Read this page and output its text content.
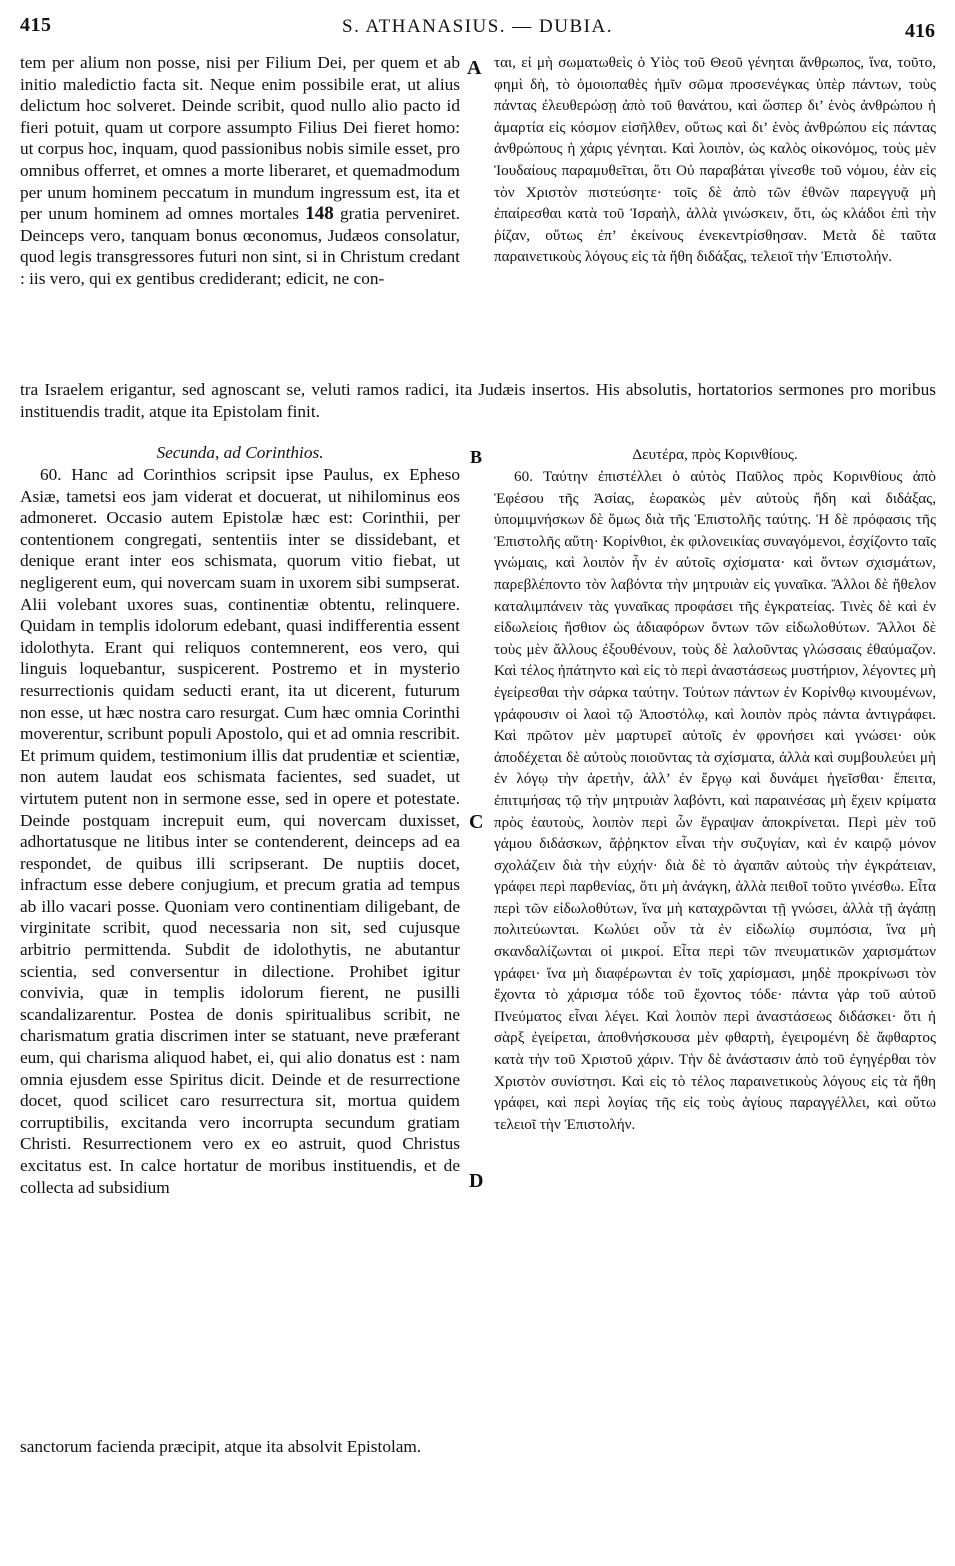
415	S. ATHANASIUS. — DUBIA.	416

tem per alium non posse, nisi per Filium Dei, per quem et ab initio maledictio facta sit. Neque enim possibile erat, ut alius delictum hoc solveret. Deinde scribit, quod nullo alio pacto id fieri potuit, quam ut corpore assumpto Filius Dei fieret homo: ut corpus hoc, inquam, quod passionibus nobis simile esset, pro omnibus offerret, et omnes a morte liberaret, et quemadmodum per unum hominem peccatum in mundum ingressum est, ita et per unum hominem ad omnes mortales 148 gratia perveniret. Deinceps vero, tanquam bonus œconomus, Judæos consolatur, quod legis transgressores futuri non sint, si in Christum credant : iis vero, qui ex gentibus crediderant; edicit, ne con-

A ται, εἰ μὴ σωματωθεὶς ὁ Υἱὸς τοῦ Θεοῦ γένηται ἄνθρωπος, ἵνα, τοῦτο, φημὶ δὴ, τὸ ὁμοιοπαθὲς ἡμῖν σῶμα προσενέγκας ὑπὲρ πάντων, τοὺς πάντας ἐλευθερώσῃ ἀπὸ τοῦ θανάτου, καὶ ὥσπερ δι’ ἑνὸς ἀνθρώπου ἡ ἁμαρτία εἰς κόσμον εἰσῆλθεν, οὕτως καὶ δι’ ἑνὸς ἀνθρώπου εἰς πάντας ἀνθρώπους ἡ χάρις γένηται. Καὶ λοιπὸν, ὡς καλὸς οἰκονόμος, τοὺς μὲν Ἰουδαίους παραμυθεῖται, ὅτι Οὐ παραβάται γίνεσθε τοῦ νόμου, ἐὰν εἰς τὸν Χριστὸν πιστεύσητε· τοῖς δὲ ἀπὸ τῶν ἐθνῶν παρεγγυᾷ μὴ ἐπαίρεσθαι κατὰ τοῦ Ἰσραὴλ, ἀλλὰ γινώσκειν, ὅτι, ὡς κλάδοι ἐπὶ τὴν ῥίζαν, οὕτως ἐπ’ ἐκείνους ἐνεκεντρίσθησαν. Μετὰ δὲ ταῦτα παραινετικοὺς λόγους εἰς τὰ ἤθη διδάξας, τελειοῖ τὴν Ἐπιστολήν.

tra Israelem erigantur, sed agnoscant se, veluti ramos radici, ita Judæis insertos. His absolutis, hortatorios sermones pro moribus instituendis tradit, atque ita Epistolam finit.
Secunda, ad Corinthios.	B	Δευτέρα, πρὸς Κορινθίους.

60. Hanc ad Corinthios scripsit ipse Paulus, ex Epheso Asiæ, tametsi eos jam viderat et docuerat, ut nihilominus eos admoneret. Occasio autem Epistolæ hæc est: Corinthii, per contentionem congregati, sententiis inter se dissidebant, et denique erant inter eos schismata, quorum vitio fiebat, ut negligerent eum, qui novercam suam in uxorem sibi sumpserat. Alii volebant uxores suas, continentiæ obtentu, relinquere. Quidam in templis idolorum edebant, quasi indifferentia essent idolothyta. Erant qui reliquos contemnerent, eos vero, qui linguis loquebantur, suspicerent. Postremo et in mysterio resurrectionis quidam seducti erant, ita ut dicerent, futurum non esse, ut hæc nostra caro resurgat. Cum hæc omnia Corinthi moverentur, scribunt populi Apostolo, qui et ad omnia rescribit. Et primum quidem, testimonium illis dat prudentiæ et scientiæ, non autem laudat eos schismata facientes, sed suadet, ut virtutem putent non in sermone esse, sed in opere et potestate. Deinde postquam increpuit eum, qui novercam duxisset, adhortatusque ne litibus inter se contenderent, deinceps ad ea respondet, de quibus illi scripserant. De nuptiis docet, infractum esse debere conjugium, et precum gratia ad tempus ab illo vacari posse. Quoniam vero continentiam diligebant, de virginitate scribit, quod necessaria non sit, sed cujusque arbitrio permittenda. Subdit de idolothytis, ne abutantur scientia, sed conversentur in dilectione. Prohibet igitur convivia, quæ in templis idolorum fierent, ne pusilli scandalizarentur. Postea de donis spiritualibus scribit, ne charismatum gratia discrimen inter se statuant, neve præferant eum, qui charisma aliquod habet, ei, qui alio donatus est : nam omnia ejusdem esse Spiritus dicit. Deinde et de resurrectione docet, quod scilicet caro resurrectura sit, mortua quidem corruptibilis, excitanda vero incorrupta secundum gratiam Christi. Resurrectionem vero ex eo astruit, quod Christus excitatus est. In calce hortatur de moribus instituendis, et de collecta ad subsidium

C
D

60. Ταύτην ἐπιστέλλει ὁ αὐτὸς Παῦλος πρὸς Κορινθίους ἀπὸ Ἐφέσου τῆς Ἀσίας, ἑωρακὼς μὲν αὐτοὺς ἤδη καὶ διδάξας, ὑπομιμνήσκων δὲ ὅμως διὰ τῆς Ἐπιστολῆς ταύτης. Ἡ δὲ πρόφασις τῆς Ἐπιστολῆς αὕτη· Κορίνθιοι, ἐκ φιλονεικίας συναγόμενοι, ἐσχίζοντο ταῖς γνώμαις, καὶ λοιπὸν ἦν ἐν αὐτοῖς σχίσματα· καὶ ὄντων σχισμάτων, παρεβλέποντο τὸν λαβόντα τὴν μητρυιὰν εἰς γυναῖκα. Ἄλλοι δὲ ἤθελον καταλιμπάνειν τὰς γυναῖκας προφάσει τῆς ἐγκρατείας. Τινὲς δὲ καὶ ἐν εἰδωλείοις ἤσθιον ὡς ἀδιαφόρων ὄντων τῶν εἰδωλοθύτων. Ἄλλοι δὲ τοὺς μὲν ἄλλους ἐξουθένουν, τοὺς δὲ λαλοῦντας γλώσσαις ἐθαύμαζον. Καὶ τέλος ἠπάτηντο καὶ εἰς τὸ περὶ ἀναστάσεως μυστήριον, λέγοντες μὴ ἐγείρεσθαι τὴν σάρκα ταύτην. Τούτων πάντων ἐν Κορίνθῳ κινουμένων, γράφουσιν οἱ λαοὶ τῷ Ἀποστόλῳ, καὶ λοιπὸν πρὸς πάντα ἀντιγράφει. Καὶ πρῶτον μὲν μαρτυρεῖ αὐτοῖς ἐν φρονήσει καὶ γνώσει· οὐκ ἀποδέχεται δὲ αὐτοὺς ποιοῦντας τὰ σχίσματα, ἀλλὰ καὶ συμβουλεύει μὴ ἐν λόγῳ τὴν ἀρετὴν, ἀλλ’ ἐν ἔργῳ καὶ δυνάμει ἡγεῖσθαι· ἔπειτα, ἐπιτιμήσας τῷ τὴν μητρυιὰν λαβόντι, καὶ παραινέσας μὴ ἔχειν κρίματα πρὸς ἑαυτοὺς, λοιπὸν περὶ ὧν ἔγραψαν ἀποκρίνεται. Περὶ μὲν τοῦ γάμου διδάσκων, ἄῤῥηκτον εἶναι τὴν συζυγίαν, καὶ ἐν καιρῷ μόνον σχολάζειν διὰ τὴν εὐχήν· διὰ δὲ τὸ ἀγαπᾶν αὐτοὺς τὴν ἐγκράτειαν, γράφει περὶ παρθενίας, ὅτι μὴ ἀνάγκη, ἀλλὰ πειθοῖ τοῦτο γινέσθω. Εἶτα περὶ τῶν εἰδωλοθύτων, ἵνα μὴ καταχρῶνται τῇ γνώσει, ἀλλὰ τῇ ἀγάπῃ πολιτεύωνται. Κωλύει οὖν τὰ ἐν εἰδωλίῳ συμπόσια, ἵνα μὴ σκανδαλίζωνται οἱ μικροί. Εἶτα περὶ τῶν πνευματικῶν χαρισμάτων γράφει· ἵνα μὴ διαφέρωνται ἐν τοῖς χαρίσμασι, μηδὲ προκρίνωσι τὸν ἔχοντα τὸ χάρισμα τόδε τοῦ ἔχοντος τόδε· πάντα γὰρ τοῦ αὐτοῦ Πνεύματος εἶναι λέγει. Καὶ λοιπὸν περὶ ἀναστάσεως διδάσκει· ὅτι ἡ σὰρξ ἐγείρεται, ἀποθνήσκουσα μὲν φθαρτὴ, ἐγειρομένη δὲ ἄφθαρτος κατὰ τὴν τοῦ Χριστοῦ χάριν. Τὴν δὲ ἀνάστασιν ἀπὸ τοῦ ἐγηγέρθαι τὸν Χριστὸν συνίστησι. Καὶ εἰς τὸ τέλος παραινετικοὺς λόγους εἰς τὰ ἤθη γράφει, καὶ περὶ λογίας τῆς εἰς τοὺς ἁγίους παραγγέλλει, καὶ οὕτω τελειοῖ τὴν Ἐπιστολήν.

sanctorum facienda præcipit, atque ita absolvit Epistolam.
